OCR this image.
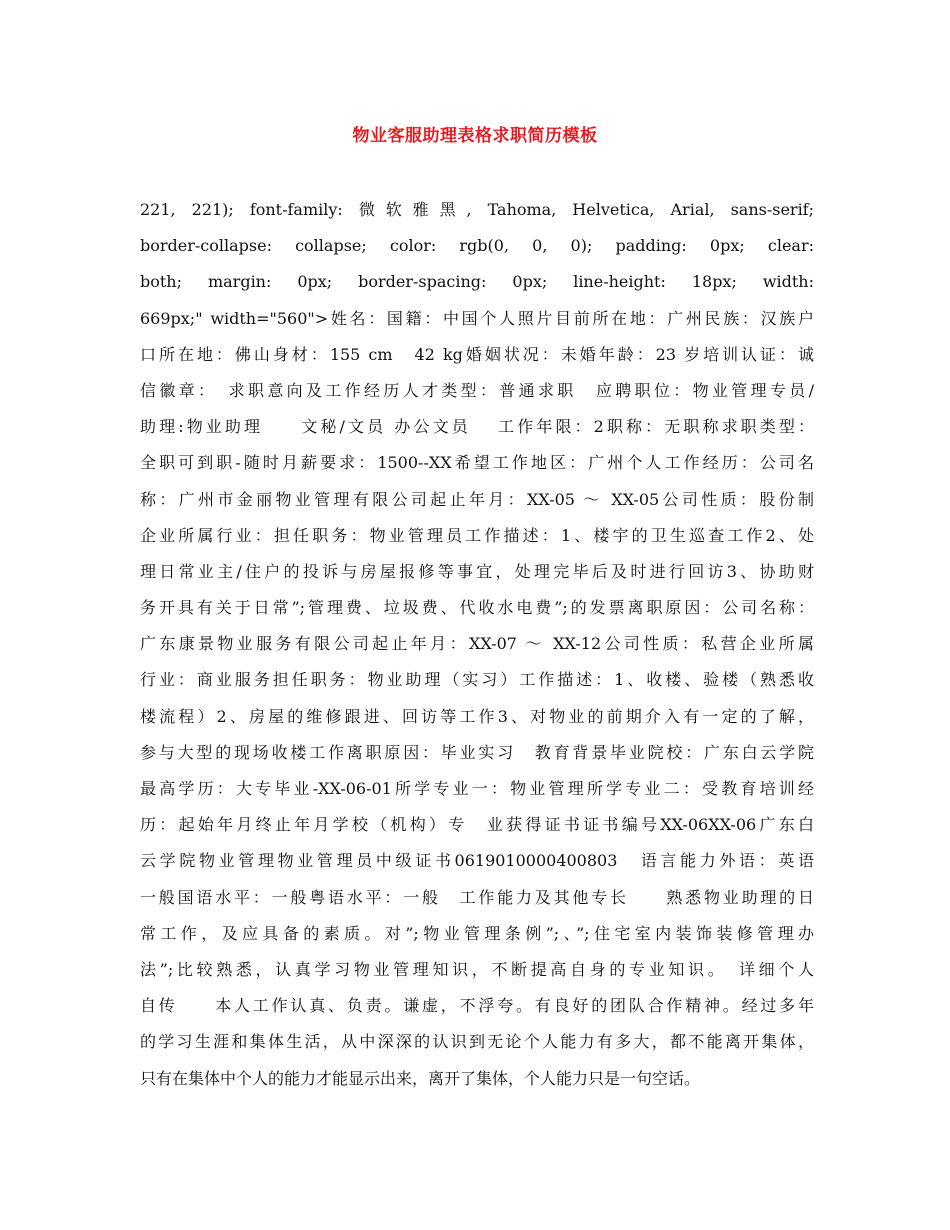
物业客服助理表格求职简历模板
221, 221); font-family: 微软雅黑, Tahoma, Helvetica, Arial, sans-serif;
border-collapse: collapse; color: rgb(0, 0, 0); padding: 0px; clear:
both; margin: 0px; border-spacing: 0px; line-height: 18px; width:
669px;" width="560">姓名：国籍：中国个人照片目前所在地：广州民族：汉族户
口所在地：佛山身材：155 cm　42 kg婚姻状况：未婚年龄：23 岁培训认证：诚
信徽章：　求职意向及工作经历人才类型：普通求职　应聘职位：物业管理专员/
助理:物业助理　　文秘/文员 办公文员　 工作年限：2职称：无职称求职类型：
全职可到职-随时月薪要求：1500--XX希望工作地区：广州个人工作经历：公司名
称：广州市金丽物业管理有限公司起止年月：XX-05 ～ XX-05公司性质：股份制
企业所属行业：担任职务：物业管理员工作描述：1、楼宇的卫生巡查工作2、处
理日常业主/住户的投诉与房屋报修等事宜，处理完毕后及时进行回访3、协助财
务开具有关于日常”;管理费、垃圾费、代收水电费”;的发票离职原因：公司名称：
广东康景物业服务有限公司起止年月：XX-07 ～ XX-12公司性质：私营企业所属
行业：商业服务担任职务：物业助理（实习）工作描述：1、收楼、验楼（熟悉收
楼流程）2、房屋的维修跟进、回访等工作3、对物业的前期介入有一定的了解，
参与大型的现场收楼工作离职原因：毕业实习　教育背景毕业院校：广东白云学院
最高学历：大专毕业-XX-06-01所学专业一：物业管理所学专业二：受教育培训经
历：起始年月终止年月学校（机构）专　业获得证书证书编号XX-06XX-06广东白
云学院物业管理物业管理员中级证书0619010000400803　语言能力外语：英语
一般国语水平：一般粤语水平：一般　工作能力及其他专长　　熟悉物业助理的日
常工作，及应具备的素质。对”;物业管理条例”;、”;住宅室内装饰装修管理办
法”;比较熟悉，认真学习物业管理知识，不断提高自身的专业知识。　详细个人
自传　　本人工作认真、负责。谦虚，不浮夸。有良好的团队合作精神。经过多年
的学习生涯和集体生活，从中深深的认识到无论个人能力有多大，都不能离开集体，
只有在集体中个人的能力才能显示出来，离开了集体，个人能力只是一句空话。
